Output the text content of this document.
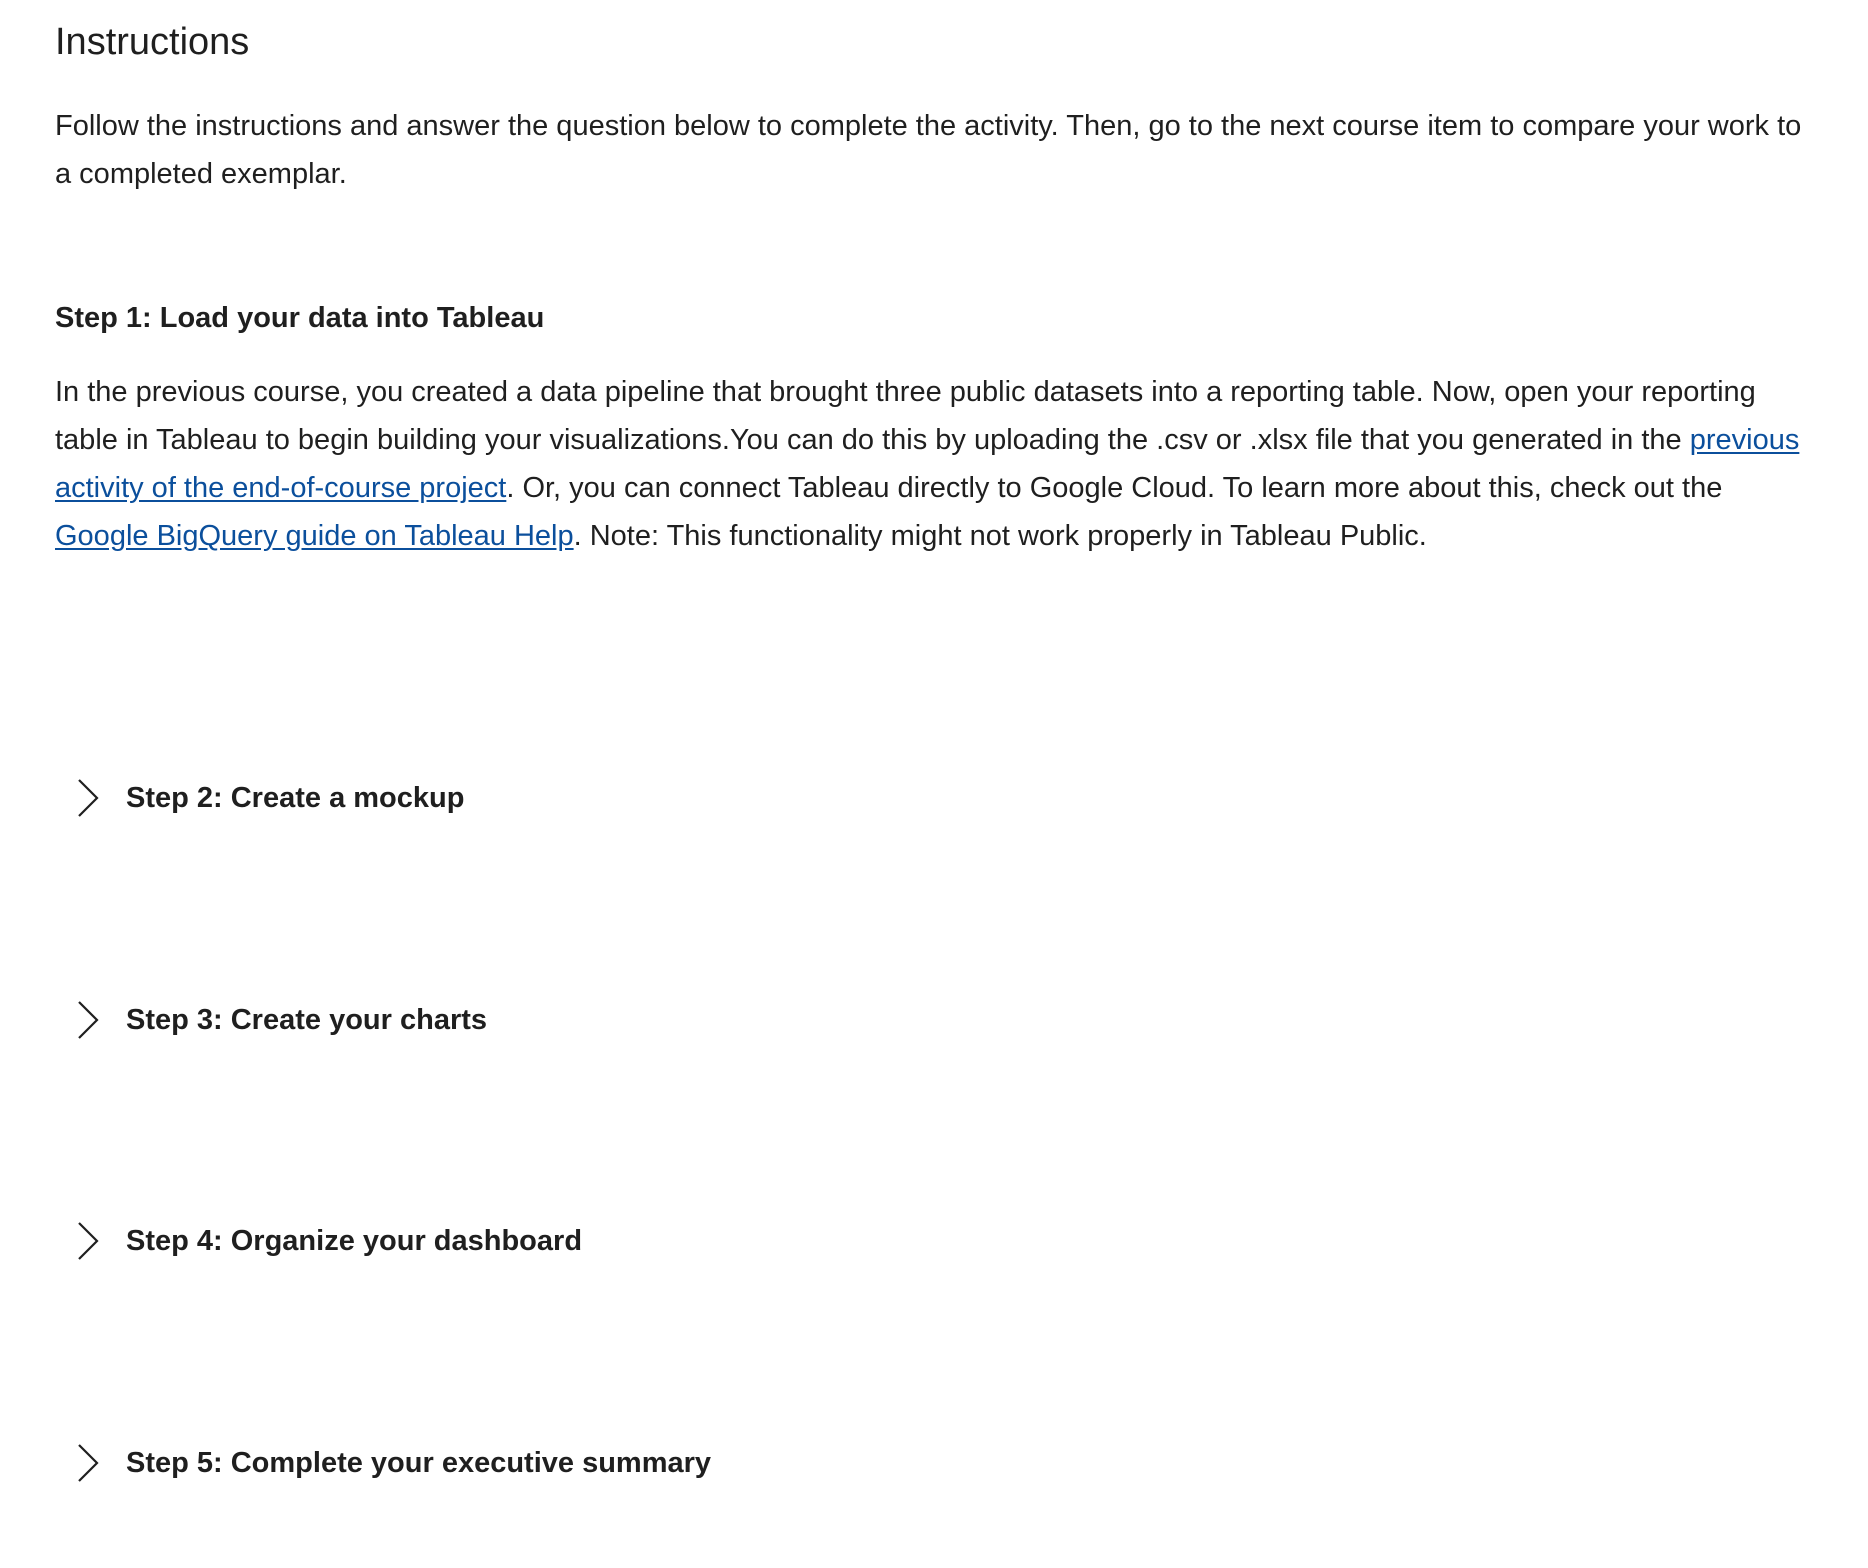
Instructions

Follow the instructions and answer the question below to complete the activity. Then, go to the next course item to compare your work to a completed exemplar.

Step 1: Load your data into Tableau

In the previous course, you created a data pipeline that brought three public datasets into a reporting table. Now, open your reporting table in Tableau to begin building your visualizations.You can do this by uploading the .csv or .xlsx file that you generated in the previous activity of the end-of-course project. Or, you can connect Tableau directly to Google Cloud. To learn more about this, check out the Google BigQuery guide on Tableau Help. Note: This functionality might not work properly in Tableau Public.

Step 2: Create a mockup
Step 3: Create your charts
Step 4: Organize your dashboard
Step 5: Complete your executive summary
